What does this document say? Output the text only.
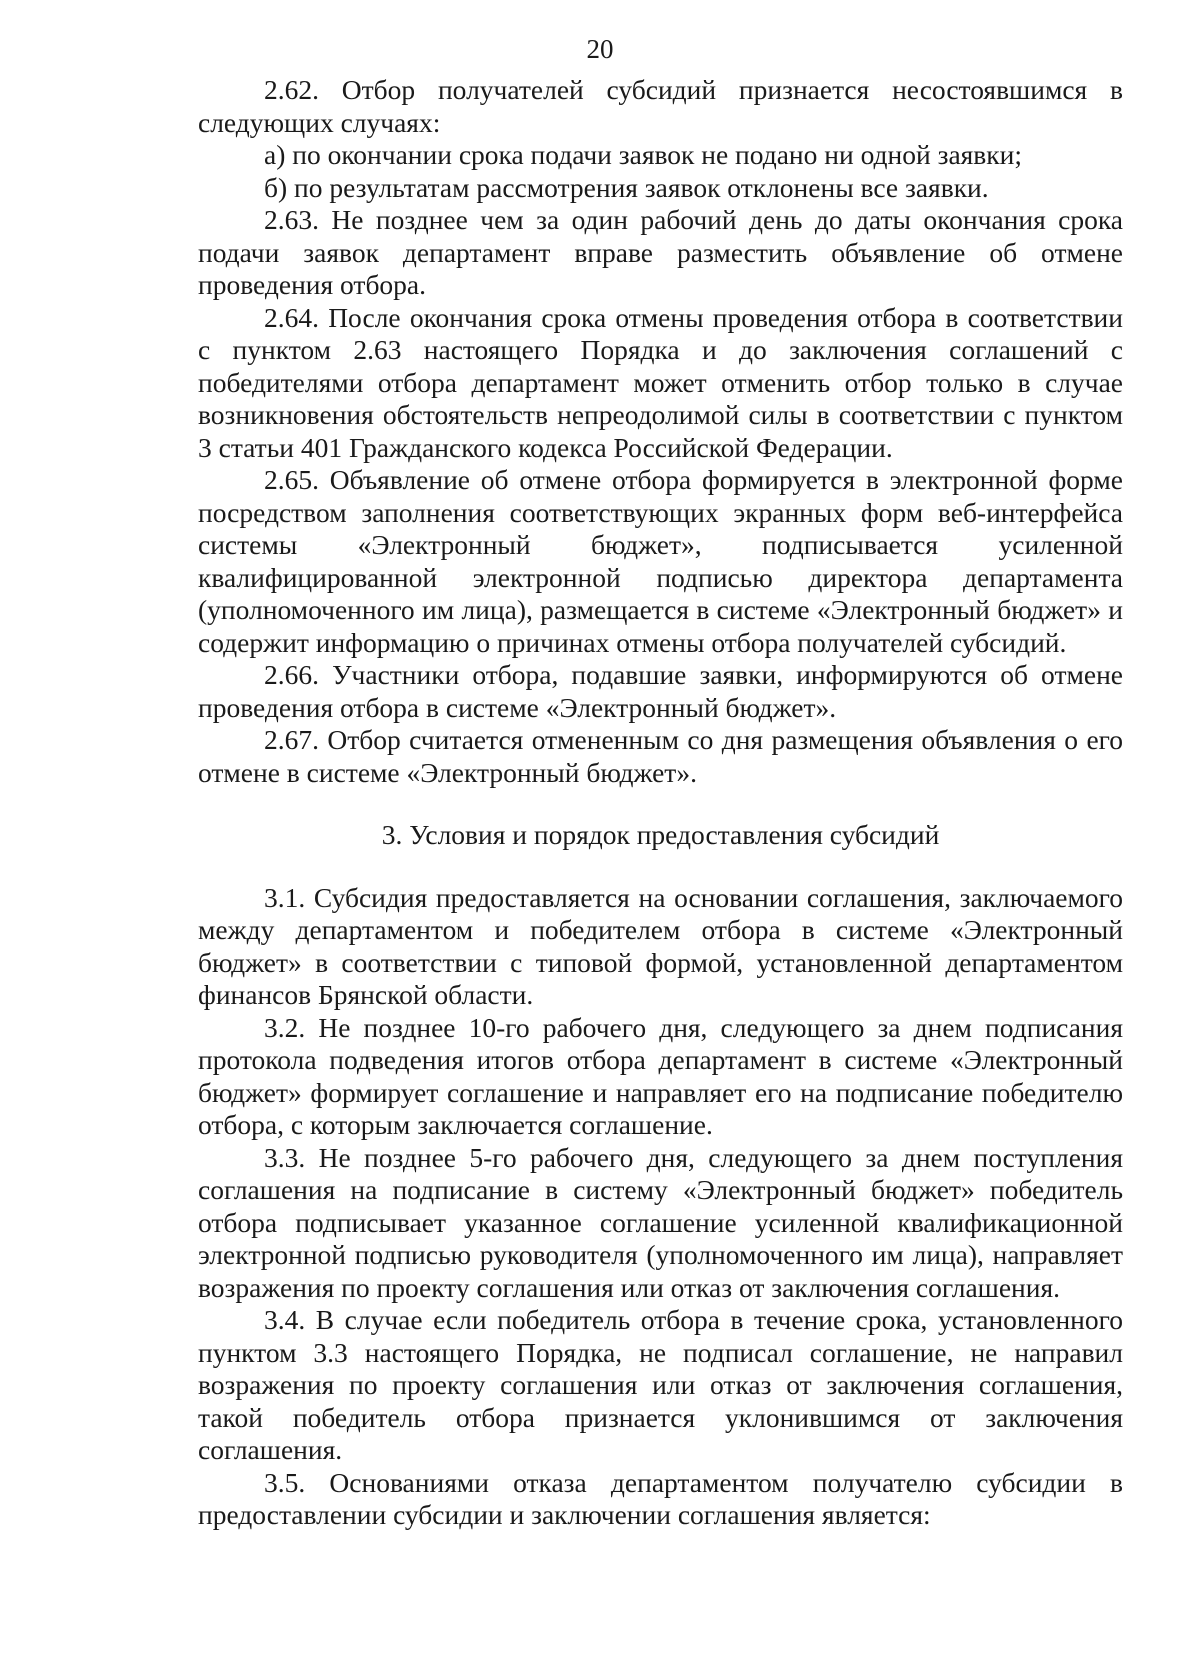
20

2.62. Отбор получателей субсидий признается несостоявшимся в следующих случаях:

а) по окончании срока подачи заявок не подано ни одной заявки;

б) по результатам рассмотрения заявок отклонены все заявки.

2.63. Не позднее чем за один рабочий день до даты окончания срока подачи заявок департамент вправе разместить объявление об отмене проведения отбора.

2.64. После окончания срока отмены проведения отбора в соответствии с пунктом 2.63 настоящего Порядка и до заключения соглашений с победителями отбора департамент может отменить отбор только в случае возникновения обстоятельств непреодолимой силы в соответствии с пунктом 3 статьи 401 Гражданского кодекса Российской Федерации.

2.65. Объявление об отмене отбора формируется в электронной форме посредством заполнения соответствующих экранных форм веб-интерфейса системы «Электронный бюджет», подписывается усиленной квалифицированной электронной подписью директора департамента (уполномоченного им лица), размещается в системе «Электронный бюджет» и содержит информацию о причинах отмены отбора получателей субсидий.

2.66. Участники отбора, подавшие заявки, информируются об отмене проведения отбора в системе «Электронный бюджет».

2.67. Отбор считается отмененным со дня размещения объявления о его отмене в системе «Электронный бюджет».

3. Условия и порядок предоставления субсидий

3.1. Субсидия предоставляется на основании соглашения, заключаемого между департаментом и победителем отбора в системе «Электронный бюджет» в соответствии с типовой формой, установленной департаментом финансов Брянской области.

3.2. Не позднее 10-го рабочего дня, следующего за днем подписания протокола подведения итогов отбора департамент в системе «Электронный бюджет» формирует соглашение и направляет его на подписание победителю отбора, с которым заключается соглашение.

3.3. Не позднее 5-го рабочего дня, следующего за днем поступления соглашения на подписание в систему «Электронный бюджет» победитель отбора подписывает указанное соглашение усиленной квалификационной электронной подписью руководителя (уполномоченного им лица), направляет возражения по проекту соглашения или отказ от заключения соглашения.

3.4. В случае если победитель отбора в течение срока, установленного пунктом 3.3 настоящего Порядка, не подписал соглашение, не направил возражения по проекту соглашения или отказ от заключения соглашения, такой победитель отбора признается уклонившимся от заключения соглашения.

3.5. Основаниями отказа департаментом получателю субсидии в предоставлении субсидии и заключении соглашения является:
